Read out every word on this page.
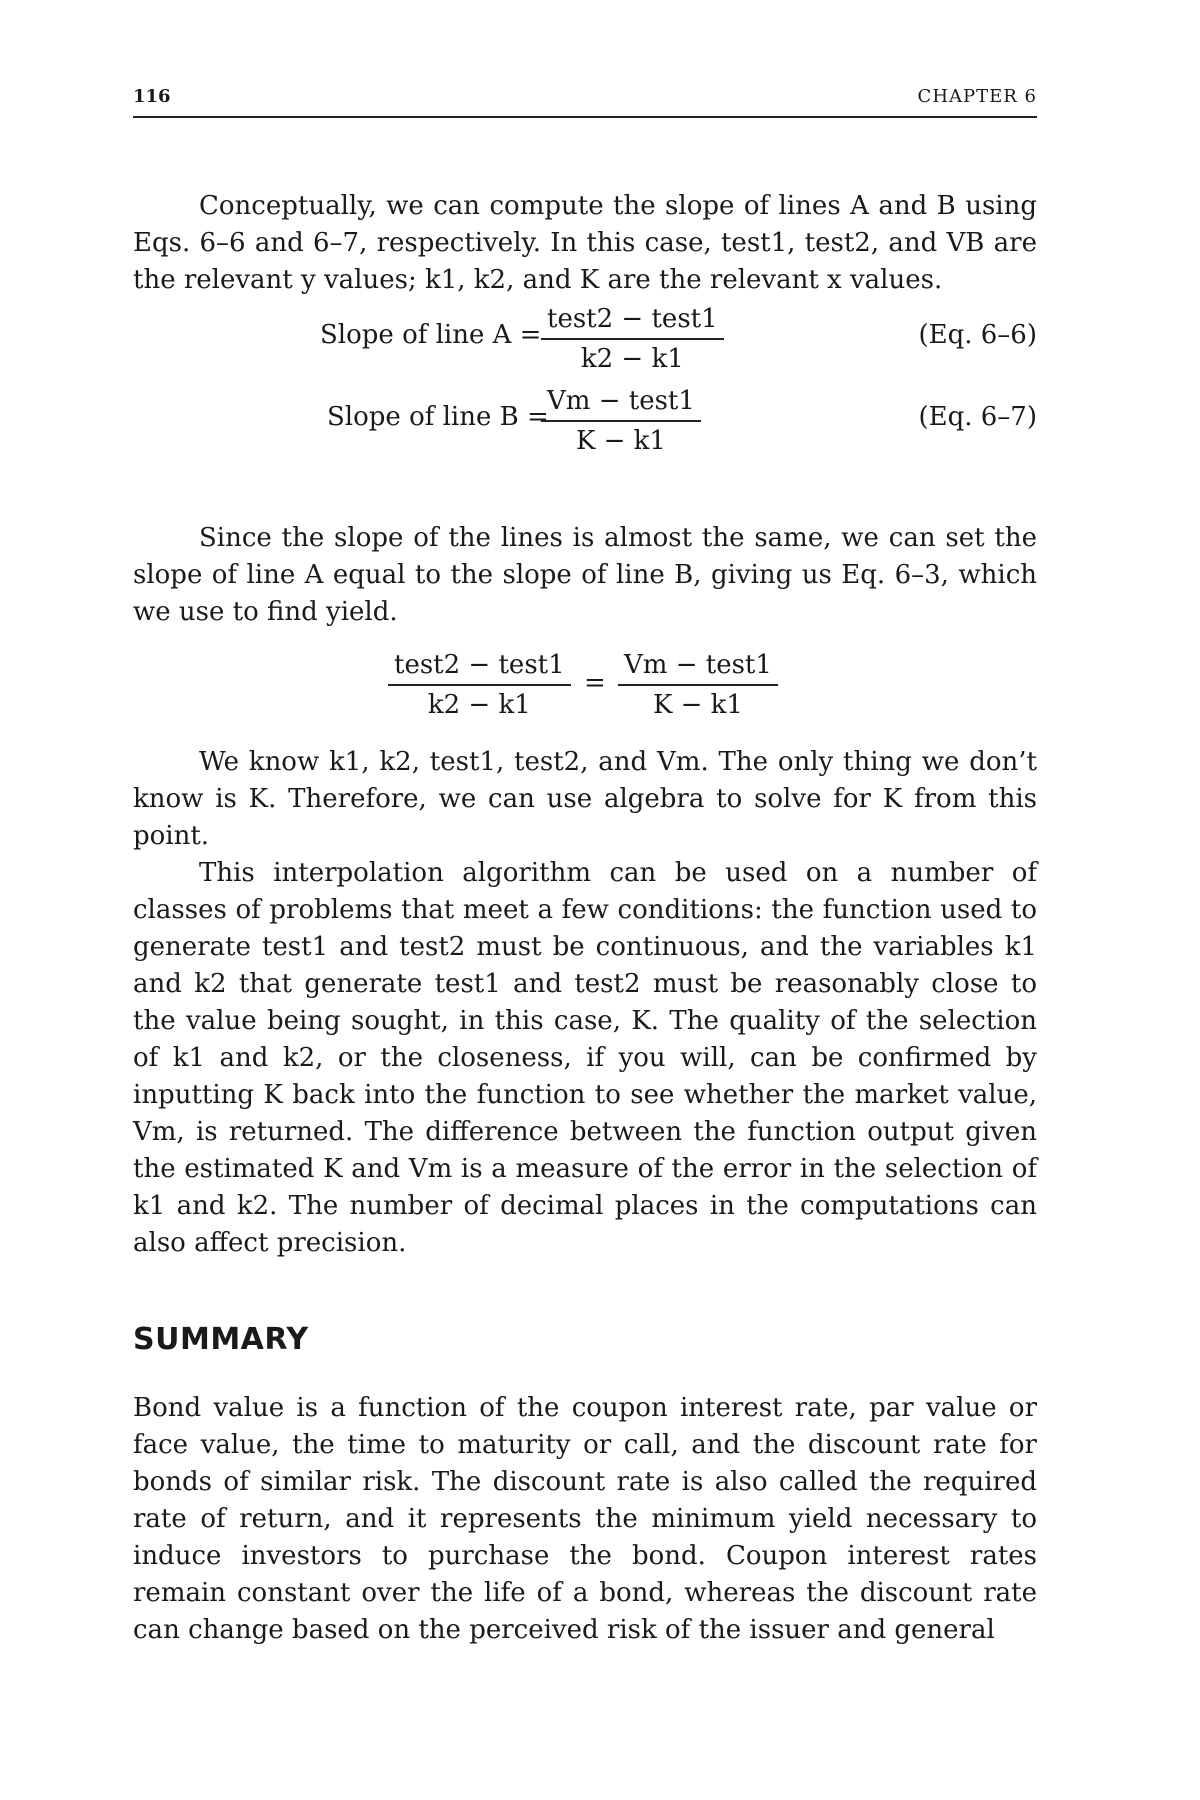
116	CHAPTER 6

Conceptually, we can compute the slope of lines A and B using Eqs. 6–6 and 6–7, respectively. In this case, test1, test2, and VB are the relevant y values; k1, k2, and K are the relevant x values.

Slope of line A =
test2 − test1
k2 − k1
(Eq. 6–6)
Slope of line B =
Vm − test1
K − k1
(Eq. 6–7)

Since the slope of the lines is almost the same, we can set the slope of line A equal to the slope of line B, giving us Eq. 6–3, which we use to find yield.

test2 − test1
k2 − k1
=
Vm − test1
K − k1

We know k1, k2, test1, test2, and Vm. The only thing we don’t know is K. Therefore, we can use algebra to solve for K from this point.

This interpolation algorithm can be used on a number of classes of problems that meet a few conditions: the function used to generate test1 and test2 must be continuous, and the variables k1 and k2 that generate test1 and test2 must be reasonably close to the value being sought, in this case, K. The quality of the selection of k1 and k2, or the closeness, if you will, can be confirmed by inputting K back into the function to see whether the market value, Vm, is returned. The difference between the function output given the estimated K and Vm is a measure of the error in the selection of k1 and k2. The number of decimal places in the computations can also affect precision.

SUMMARY

Bond value is a function of the coupon interest rate, par value or face value, the time to maturity or call, and the discount rate for bonds of similar risk. The discount rate is also called the required rate of return, and it represents the minimum yield necessary to induce investors to purchase the bond. Coupon interest rates remain constant over the life of a bond, whereas the discount rate can change based on the perceived risk of the issuer and general
